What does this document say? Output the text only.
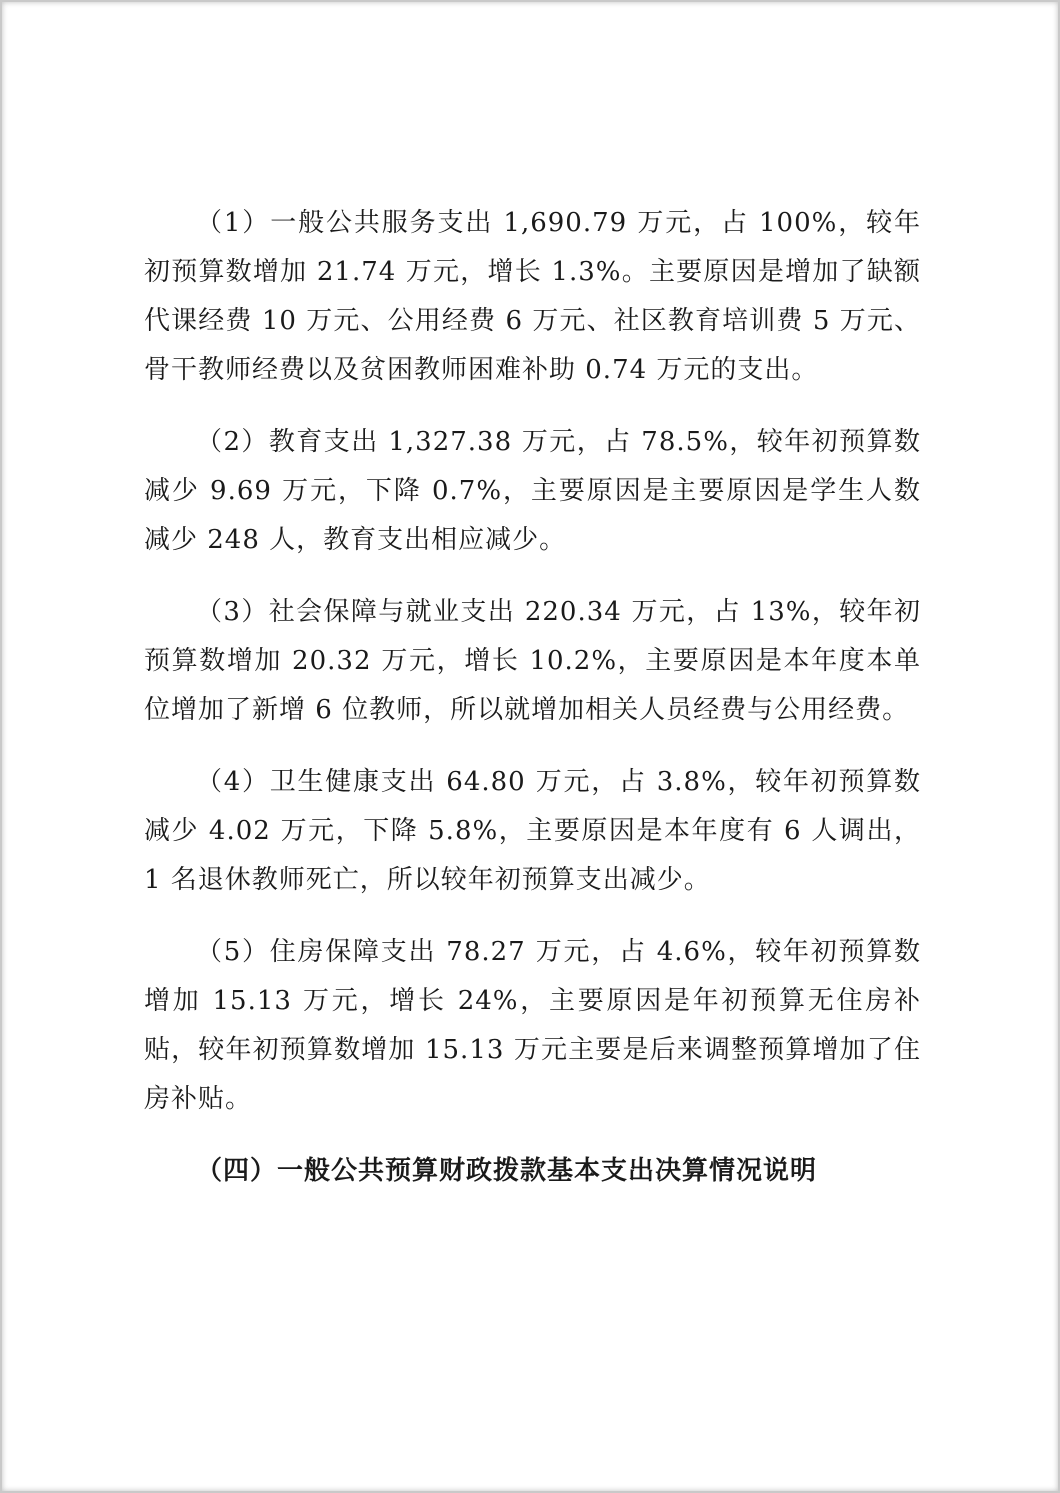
（1）一般公共服务支出 1,690.79 万元，占 100%，较年初预算数增加 21.74 万元，增长 1.3%。主要原因是增加了缺额代课经费 10 万元、公用经费 6 万元、社区教育培训费 5 万元、骨干教师经费以及贫困教师困难补助 0.74 万元的支出。

（2）教育支出 1,327.38 万元，占 78.5%，较年初预算数减少 9.69 万元，下降 0.7%，主要原因是主要原因是学生人数减少 248 人，教育支出相应减少。

（3）社会保障与就业支出 220.34 万元，占 13%，较年初预算数增加 20.32 万元，增长 10.2%，主要原因是本年度本单位增加了新增 6 位教师，所以就增加相关人员经费与公用经费。

（4）卫生健康支出 64.80 万元，占 3.8%，较年初预算数减少 4.02 万元，下降 5.8%，主要原因是本年度有 6 人调出，1 名退休教师死亡，所以较年初预算支出减少。

（5）住房保障支出 78.27 万元，占 4.6%，较年初预算数增加 15.13 万元，增长 24%，主要原因是年初预算无住房补贴，较年初预算数增加 15.13 万元主要是后来调整预算增加了住房补贴。

（四）一般公共预算财政拨款基本支出决算情况说明
